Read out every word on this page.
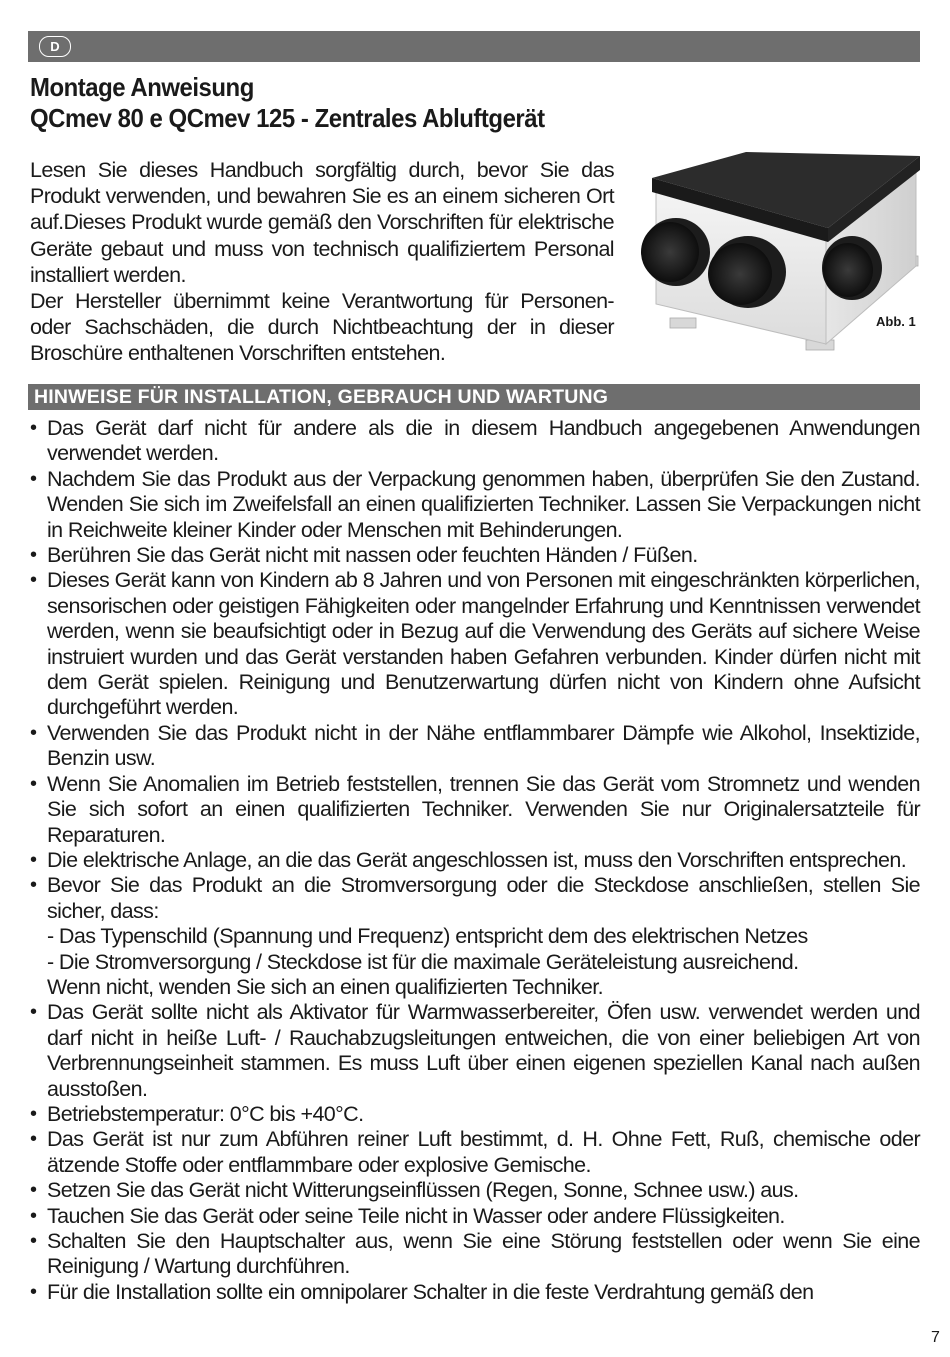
D
Montage Anweisung
QCmev 80 e QCmev 125 - Zentrales Abluftgerät

Lesen Sie dieses Handbuch sorgfältig durch, bevor Sie das Produkt verwenden, und bewahren Sie es an einem sicheren Ort auf.Dieses Produkt wurde gemäß den Vorschriften für elektrische Geräte gebaut und muss von technisch qualifiziertem Personal installiert werden.

Der Hersteller übernimmt keine Verantwortung für Personen- oder Sachschäden, die durch Nichtbeachtung der in dieser Broschüre enthaltenen Vorschriften entstehen.

Abb. 1
HINWEISE FÜR INSTALLATION, GEBRAUCH UND WARTUNG
• Das Gerät darf nicht für andere als die in diesem Handbuch angegebenen Anwendungen verwendet werden.
• Nachdem Sie das Produkt aus der Verpackung genommen haben, überprüfen Sie den Zustand. Wenden Sie sich im Zweifelsfall an einen qualifizierten Techniker. Lassen Sie Verpackungen nicht in Reichweite kleiner Kinder oder Menschen mit Behinderungen.
• Berühren Sie das Gerät nicht mit nassen oder feuchten Händen / Füßen.
• Dieses Gerät kann von Kindern ab 8 Jahren und von Personen mit eingeschränkten körperlichen, sensorischen oder geistigen Fähigkeiten oder mangelnder Erfahrung und Kenntnissen verwendet werden, wenn sie beaufsichtigt oder in Bezug auf die Verwendung des Geräts auf sichere Weise instruiert wurden und das Gerät verstanden haben Gefahren verbunden. Kinder dürfen nicht mit dem Gerät spielen. Reinigung und Benutzerwartung dürfen nicht von Kindern ohne Aufsicht durchgeführt werden.
• Verwenden Sie das Produkt nicht in der Nähe entflammbarer Dämpfe wie Alkohol, Insektizide, Benzin usw.
• Wenn Sie Anomalien im Betrieb feststellen, trennen Sie das Gerät vom Stromnetz und wenden Sie sich sofort an einen qualifizierten Techniker. Verwenden Sie nur Originalersatzteile für Reparaturen.
• Die elektrische Anlage, an die das Gerät angeschlossen ist, muss den Vorschriften entsprechen.
• Bevor Sie das Produkt an die Stromversorgung oder die Steckdose anschließen, stellen Sie sicher, dass:
- Das Typenschild (Spannung und Frequenz) entspricht dem des elektrischen Netzes
- Die Stromversorgung / Steckdose ist für die maximale Geräteleistung ausreichend.
Wenn nicht, wenden Sie sich an einen qualifizierten Techniker.
• Das Gerät sollte nicht als Aktivator für Warmwasserbereiter, Öfen usw. verwendet werden und darf nicht in heiße Luft- / Rauchabzugsleitungen entweichen, die von einer beliebigen Art von Verbrennungseinheit stammen. Es muss Luft über einen eigenen speziellen Kanal nach außen ausstoßen.
• Betriebstemperatur: 0°C bis +40°C.
• Das Gerät ist nur zum Abführen reiner Luft bestimmt, d. H. Ohne Fett, Ruß, chemische oder ätzende Stoffe oder entflammbare oder explosive Gemische.
• Setzen Sie das Gerät nicht Witterungseinflüssen (Regen, Sonne, Schnee usw.) aus.
• Tauchen Sie das Gerät oder seine Teile nicht in Wasser oder andere Flüssigkeiten.
• Schalten Sie den Hauptschalter aus, wenn Sie eine Störung feststellen oder wenn Sie eine Reinigung / Wartung durchführen.
• Für die Installation sollte ein omnipolarer Schalter in die feste Verdrahtung gemäß den
7
